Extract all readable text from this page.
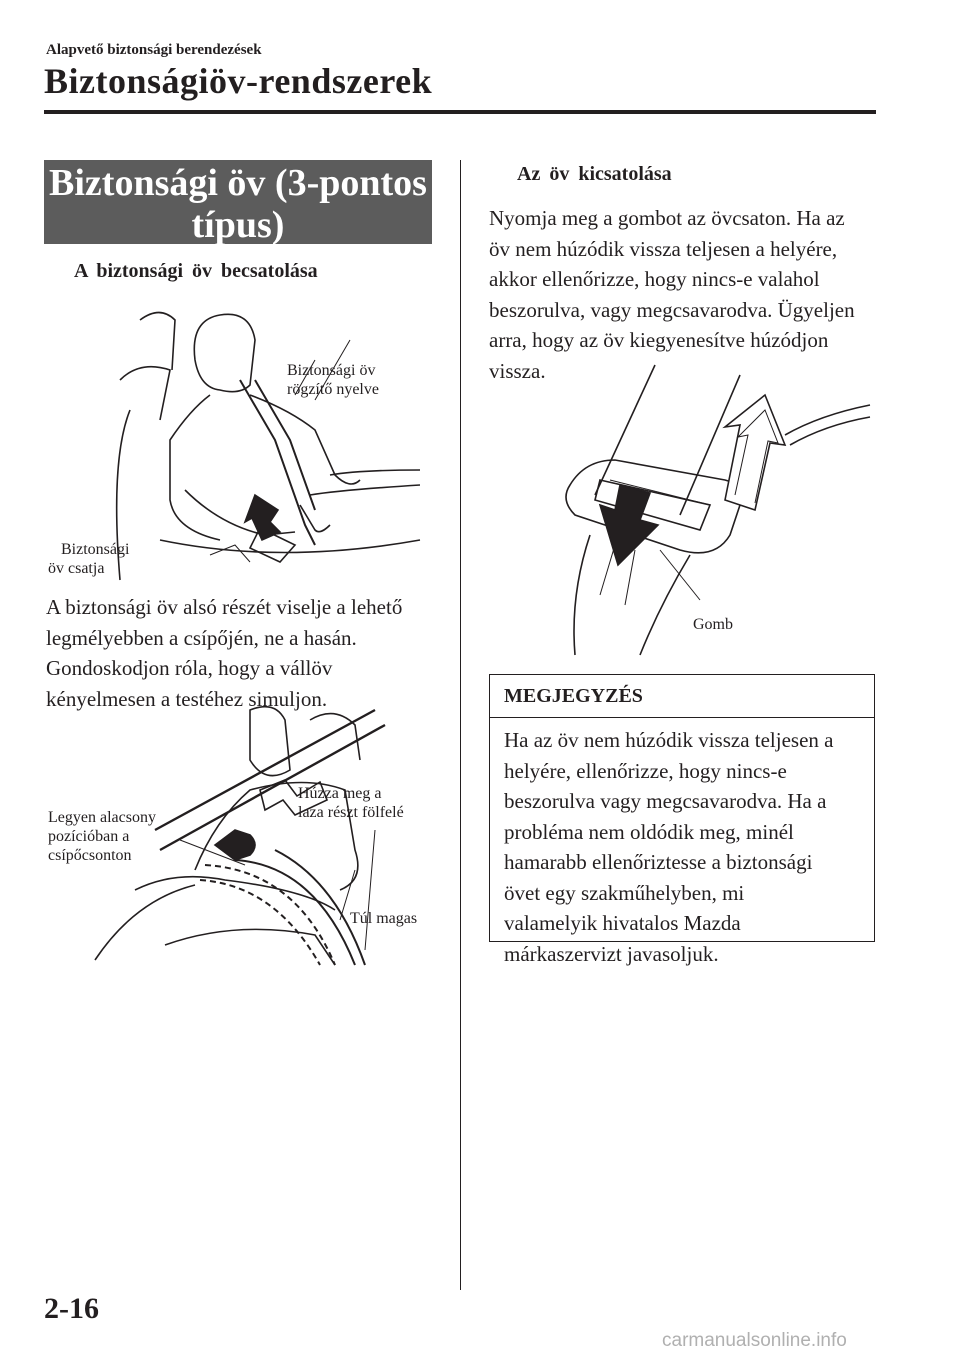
Alapvető biztonsági berendezések
Biztonságiöv-rendszerek
Biztonsági öv (3-pontos
típus)
A biztonsági öv becsatolása
Biztonsági öv
rögzítő nyelve
Biztonsági
öv csatja
A biztonsági öv alsó részét viselje a lehető
legmélyebben a csípőjén, ne a hasán.
Gondoskodjon róla, hogy a vállöv
kényelmesen a testéhez simuljon.
Legyen alacsony
pozícióban a
csípőcsonton
Húzza meg a
laza részt fölfelé
Túl magas
Az öv kicsatolása
Nyomja meg a gombot az övcsaton. Ha az
öv nem húzódik vissza teljesen a helyére,
akkor ellenőrizze, hogy nincs-e valahol
beszorulva, vagy megcsavarodva. Ügyeljen
arra, hogy az öv kiegyenesítve húzódjon
vissza.
Gomb
MEGJEGYZÉS
Ha az öv nem húzódik vissza teljesen a
helyére, ellenőrizze, hogy nincs-e
beszorulva vagy megcsavarodva. Ha a
probléma nem oldódik meg, minél
hamarabb ellenőriztesse a biztonsági
övet egy szakműhelyben, mi
valamelyik hivatalos Mazda
márkaszervizt javasoljuk.
2-16
carmanualsonline.info
